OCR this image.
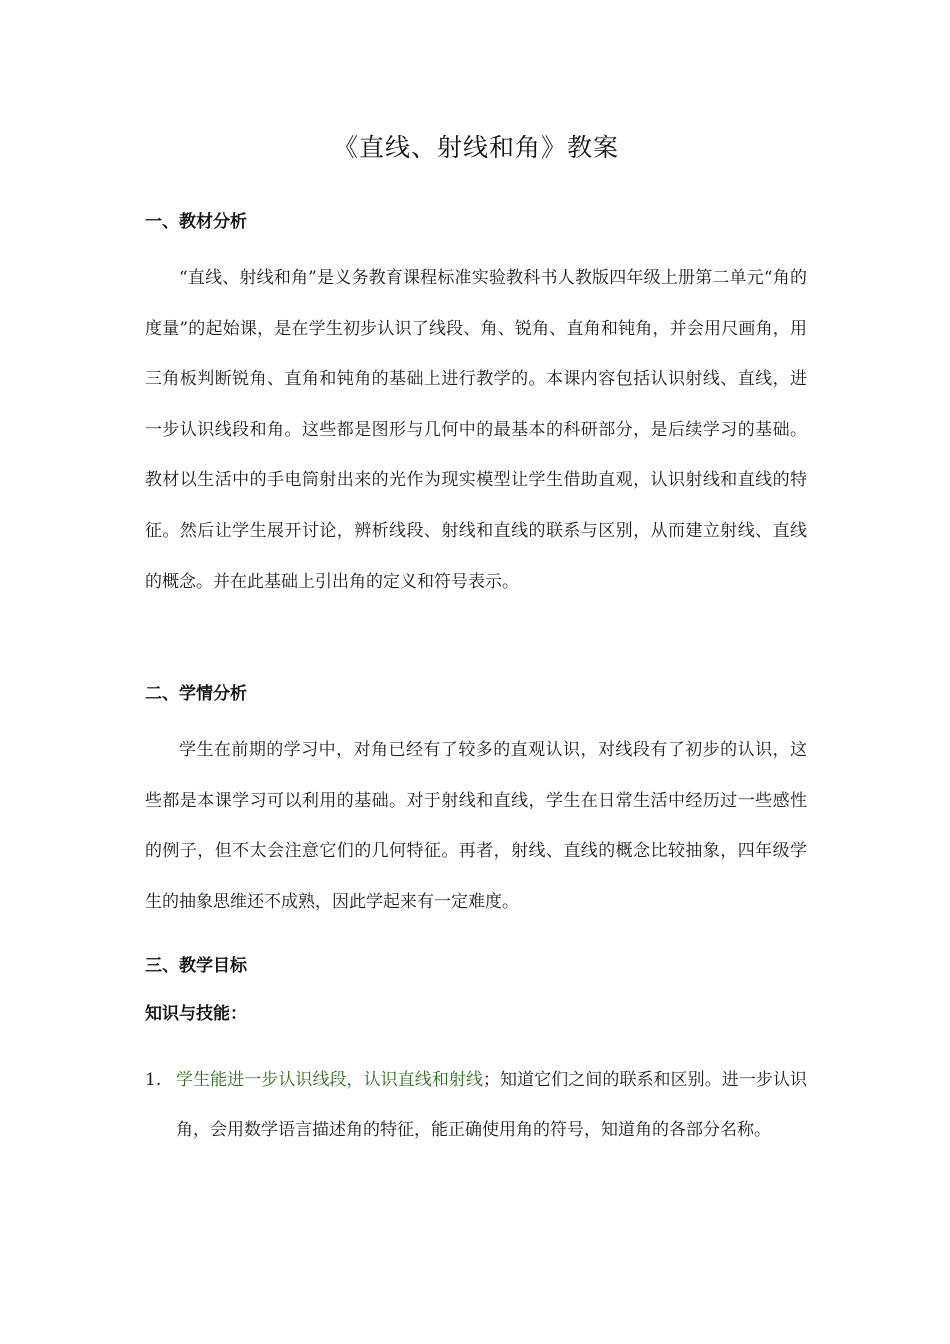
《直线、射线和角》教案
一、教材分析
“直线、射线和角”是义务教育课程标准实验教科书人教版四年级上册第二单元“角的度量”的起始课，是在学生初步认识了线段、角、锐角、直角和钝角，并会用尺画角，用三角板判断锐角、直角和钝角的基础上进行教学的。本课内容包括认识射线、直线，进一步认识线段和角。这些都是图形与几何中的最基本的科研部分，是后续学习的基础。教材以生活中的手电筒射出来的光作为现实模型让学生借助直观，认识射线和直线的特征。然后让学生展开讨论，辨析线段、射线和直线的联系与区别，从而建立射线、直线的概念。并在此基础上引出角的定义和符号表示。
二、学情分析
学生在前期的学习中，对角已经有了较多的直观认识，对线段有了初步的认识，这些都是本课学习可以利用的基础。对于射线和直线，学生在日常生活中经历过一些感性的例子，但不太会注意它们的几何特征。再者，射线、直线的概念比较抽象，四年级学生的抽象思维还不成熟，因此学起来有一定难度。
三、教学目标
知识与技能：
1. 学生能进一步认识线段，认识直线和射线；知道它们之间的联系和区别。进一步认识角，会用数学语言描述角的特征，能正确使用角的符号，知道角的各部分名称。
